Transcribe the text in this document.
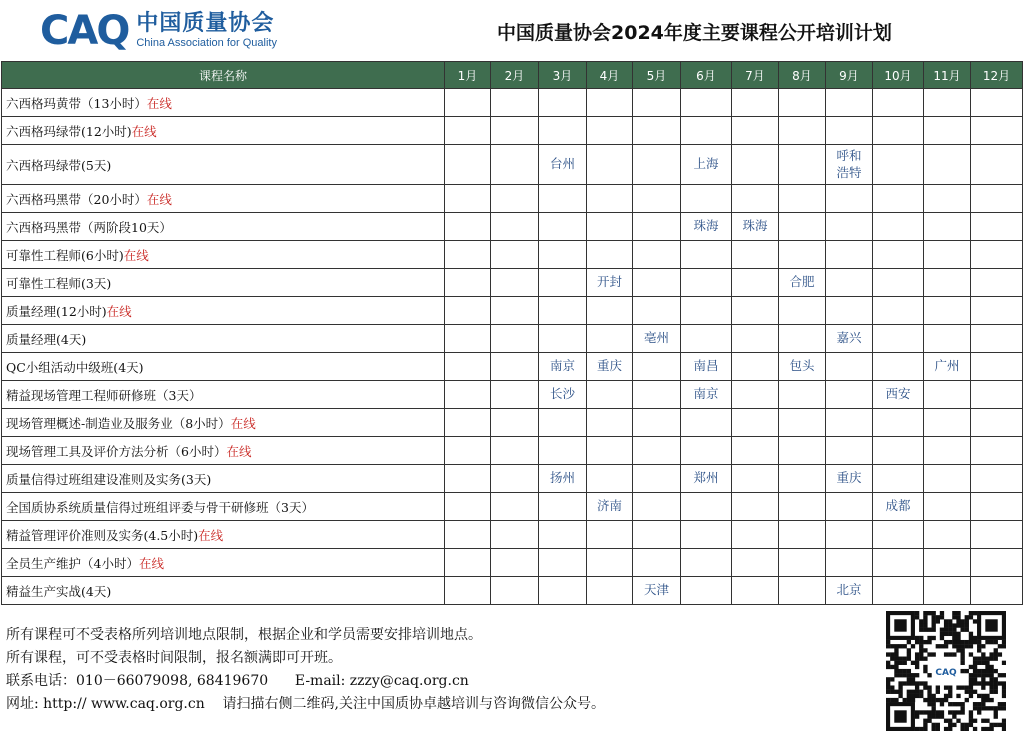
CAQ 中国质量协会
China Association for Quality	中国质量协会2024年度主要课程公开培训计划
课程名称	1月	2月	3月	4月	5月	6月	7月	8月	9月	10月	11月	12月
六西格玛黄带（13小时）在线												
六西格玛绿带(12小时)在线												
六西格玛绿带(5天)			台州			上海			呼和浩特			
六西格玛黑带（20小时）在线												
六西格玛黑带（两阶段10天）						珠海	珠海					
可靠性工程师(6小时)在线												
可靠性工程师(3天)				开封				合肥				
质量经理(12小时)在线												
质量经理(4天)					亳州				嘉兴			
QC小组活动中级班(4天)			南京	重庆		南昌		包头			广州	
精益现场管理工程师研修班（3天）			长沙			南京				西安		
现场管理概述-制造业及服务业（8小时）在线												
现场管理工具及评价方法分析（6小时）在线												
质量信得过班组建设准则及实务(3天)			扬州			郑州			重庆			
全国质协系统质量信得过班组评委与骨干研修班（3天）				济南						成都		
精益管理评价准则及实务(4.5小时)在线												
全员生产维护（4小时）在线												
精益生产实战(4天)					天津				北京			
所有课程可不受表格所列培训地点限制，根据企业和学员需要安排培训地点。
所有课程，可不受表格时间限制，报名额满即可开班。
联系电话：010－66079098, 68419670      E-mail: zzzy@caq.org.cn
网址: http:// www.caq.org.cn    请扫描右侧二维码,关注中国质协卓越培训与咨询微信公众号。
CAQ
